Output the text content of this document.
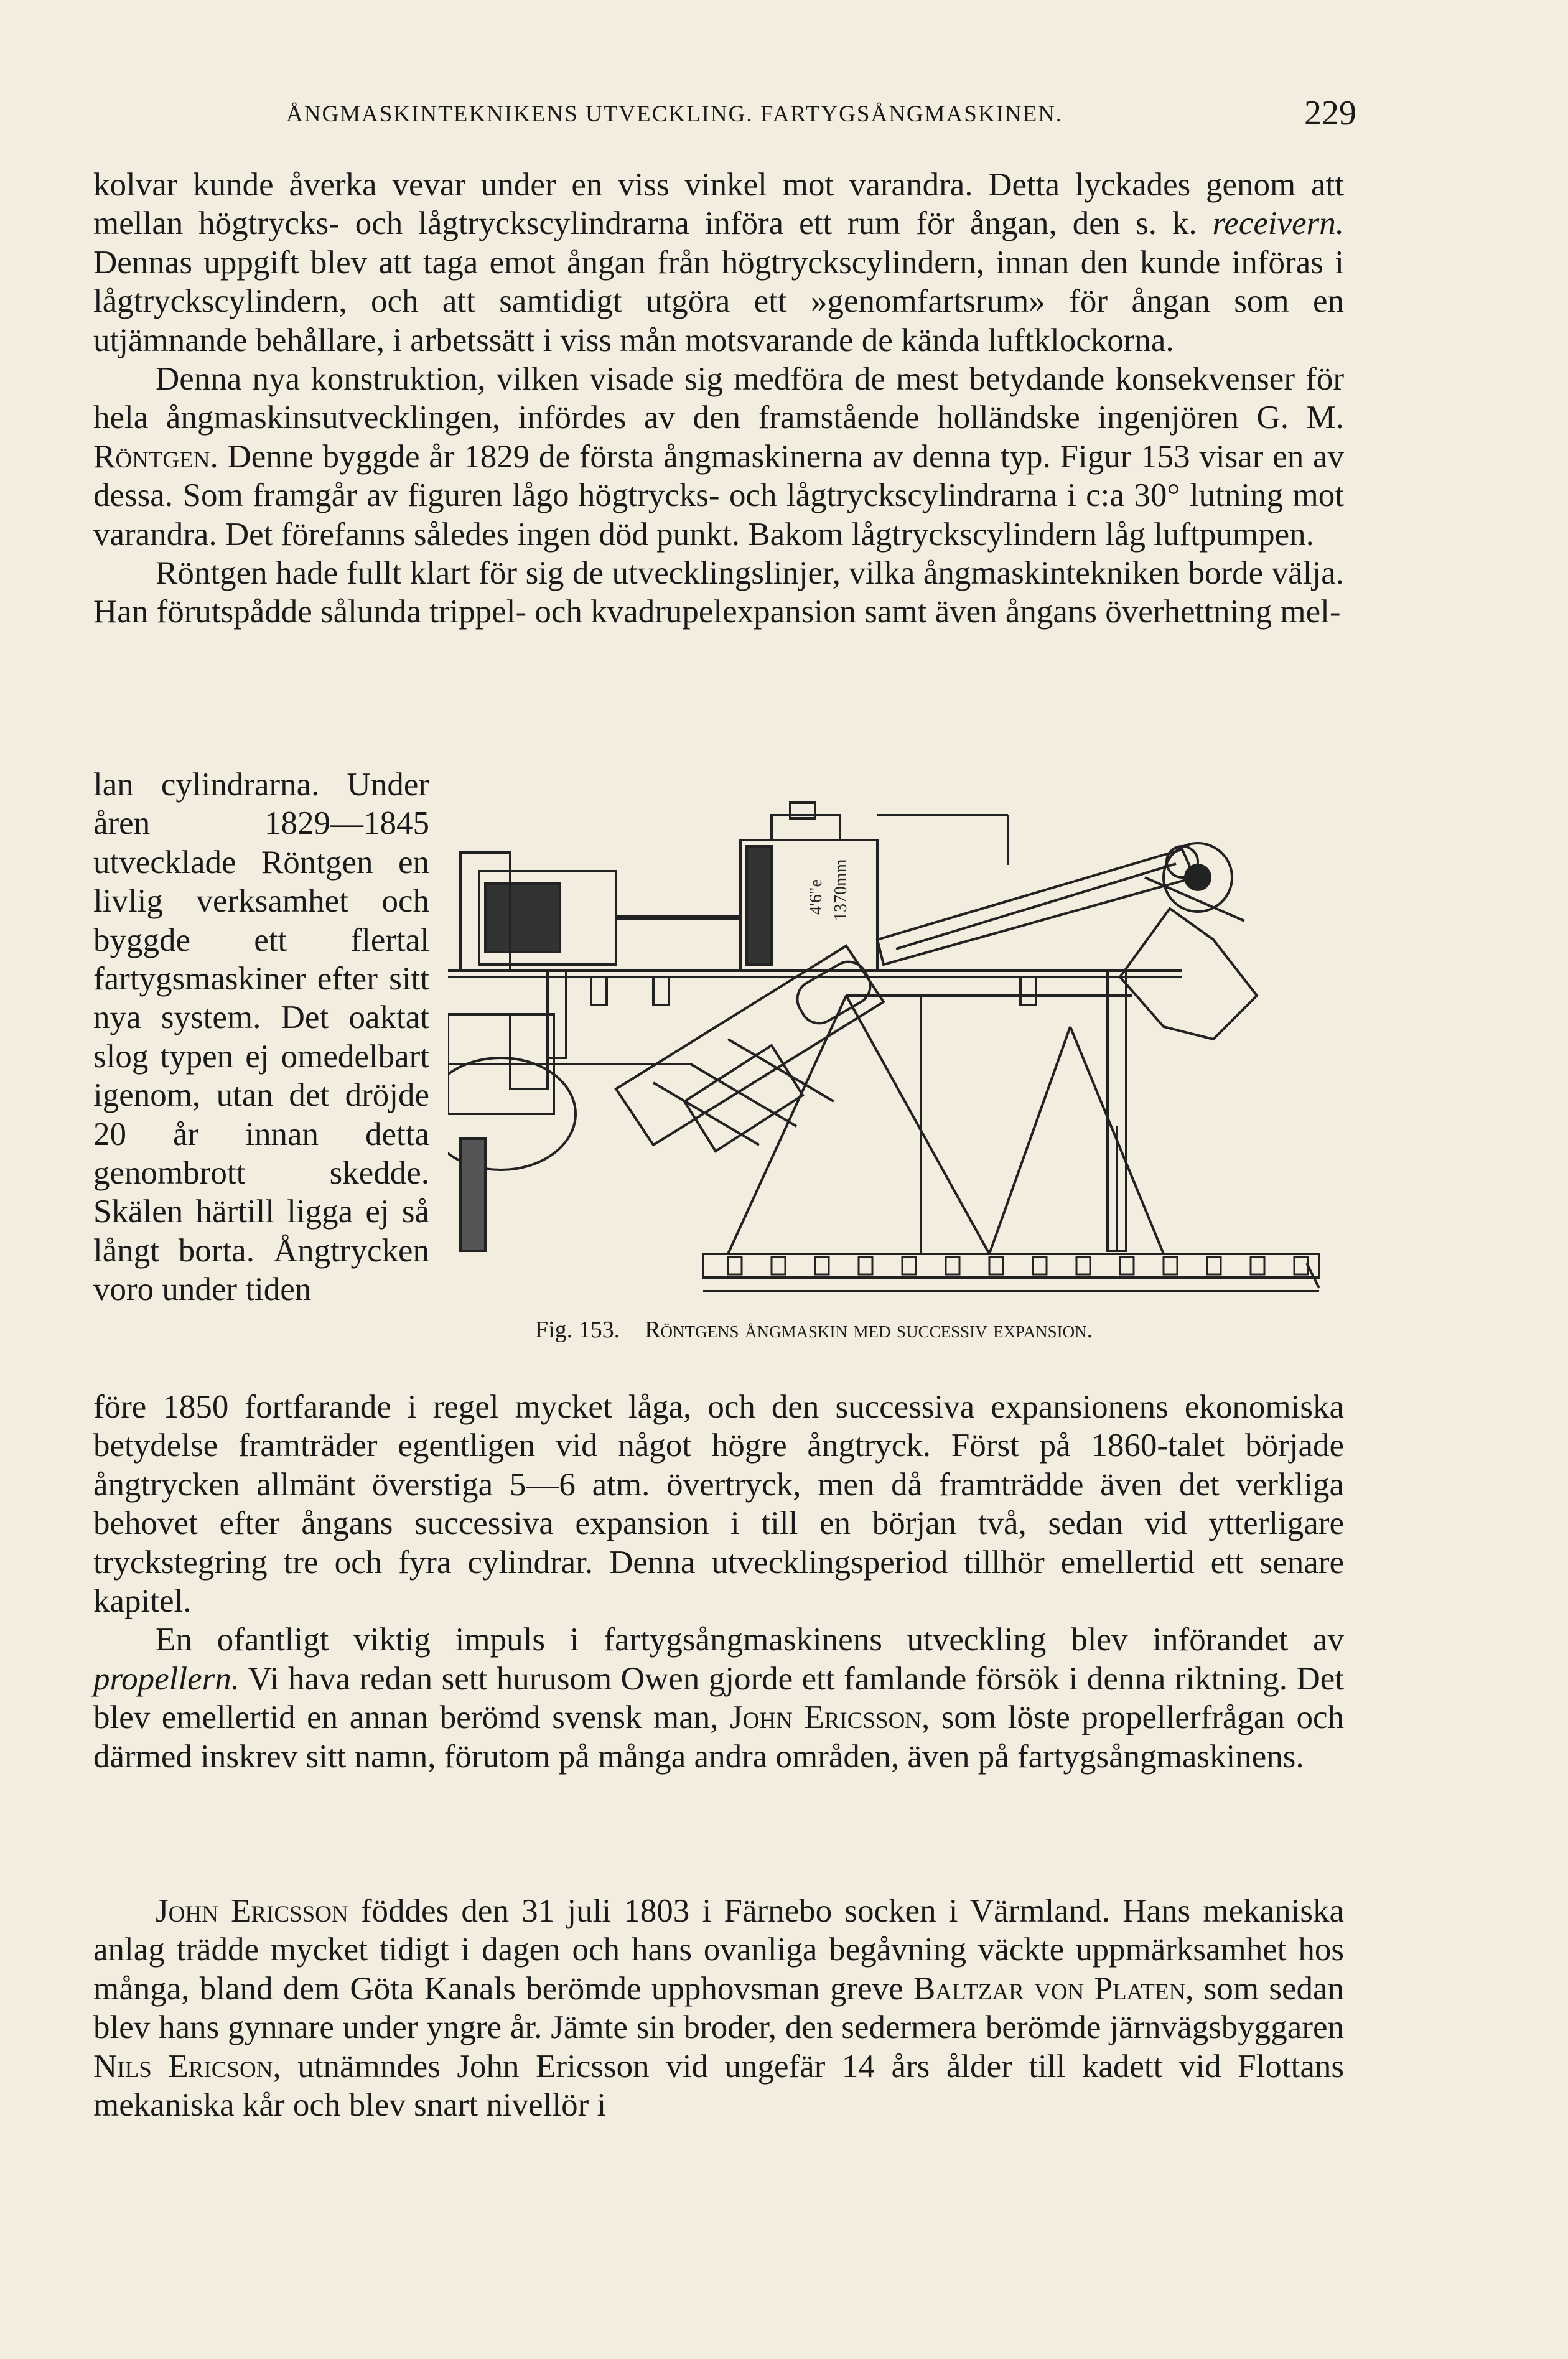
ÅNGMASKINTEKNIKENS UTVECKLING. FARTYGSÅNGMASKINEN.	229

kolvar kunde åverka vevar under en viss vinkel mot varandra. Detta lyckades genom att mellan högtrycks- och lågtryckscylindrarna införa ett rum för ångan, den s. k. receivern. Dennas uppgift blev att taga emot ångan från högtryckscylindern, innan den kunde införas i lågtryckscylindern, och att samtidigt utgöra ett »genomfartsrum» för ångan som en utjämnande behållare, i arbetssätt i viss mån motsvarande de kända luftklockorna.

Denna nya konstruktion, vilken visade sig medföra de mest betydande konsekvenser för hela ångmaskinsutvecklingen, infördes av den framstående holländske ingenjören G. M. Röntgen. Denne byggde år 1829 de första ångmaskinerna av denna typ. Figur 153 visar en av dessa. Som framgår av figuren lågo högtrycks- och lågtryckscylindrarna i c:a 30° lutning mot varandra. Det förefanns således ingen död punkt. Bakom lågtryckscylindern låg luftpumpen.

Röntgen hade fullt klart för sig de utvecklingslinjer, vilka ångmaskintekniken borde välja. Han förutspådde sålunda trippel- och kvadrupelexpansion samt även ångans överhettning mel-

lan cylindrarna. Under åren 1829—1845 utvecklade Röntgen en livlig verksamhet och byggde ett flertal fartygsmaskiner efter sitt nya system. Det oaktat slog typen ej omedelbart igenom, utan det dröjde 20 år innan detta genombrott skedde. Skälen härtill ligga ej så långt borta. Ångtrycken voro under tiden

4'6"e 1370mm
Fig. 153. Röntgens ångmaskin med successiv expansion.

före 1850 fortfarande i regel mycket låga, och den successiva expansionens ekonomiska betydelse framträder egentligen vid något högre ångtryck. Först på 1860-talet började ångtrycken allmänt överstiga 5—6 atm. övertryck, men då framträdde även det verkliga behovet efter ångans successiva expansion i till en början två, sedan vid ytterligare tryckstegring tre och fyra cylindrar. Denna utvecklingsperiod tillhör emellertid ett senare kapitel.

En ofantligt viktig impuls i fartygsångmaskinens utveckling blev införandet av propellern. Vi hava redan sett hurusom Owen gjorde ett famlande försök i denna riktning. Det blev emellertid en annan berömd svensk man, John Ericsson, som löste propellerfrågan och därmed inskrev sitt namn, förutom på många andra områden, även på fartygsångmaskinens.

John Ericsson föddes den 31 juli 1803 i Färnebo socken i Värmland. Hans mekaniska anlag trädde mycket tidigt i dagen och hans ovanliga begåvning väckte uppmärksamhet hos många, bland dem Göta Kanals berömde upphovsman greve Baltzar von Platen, som sedan blev hans gynnare under yngre år. Jämte sin broder, den sedermera berömde järnvägsbyggaren Nils Ericson, utnämndes John Ericsson vid ungefär 14 års ålder till kadett vid Flottans mekaniska kår och blev snart nivellör i
